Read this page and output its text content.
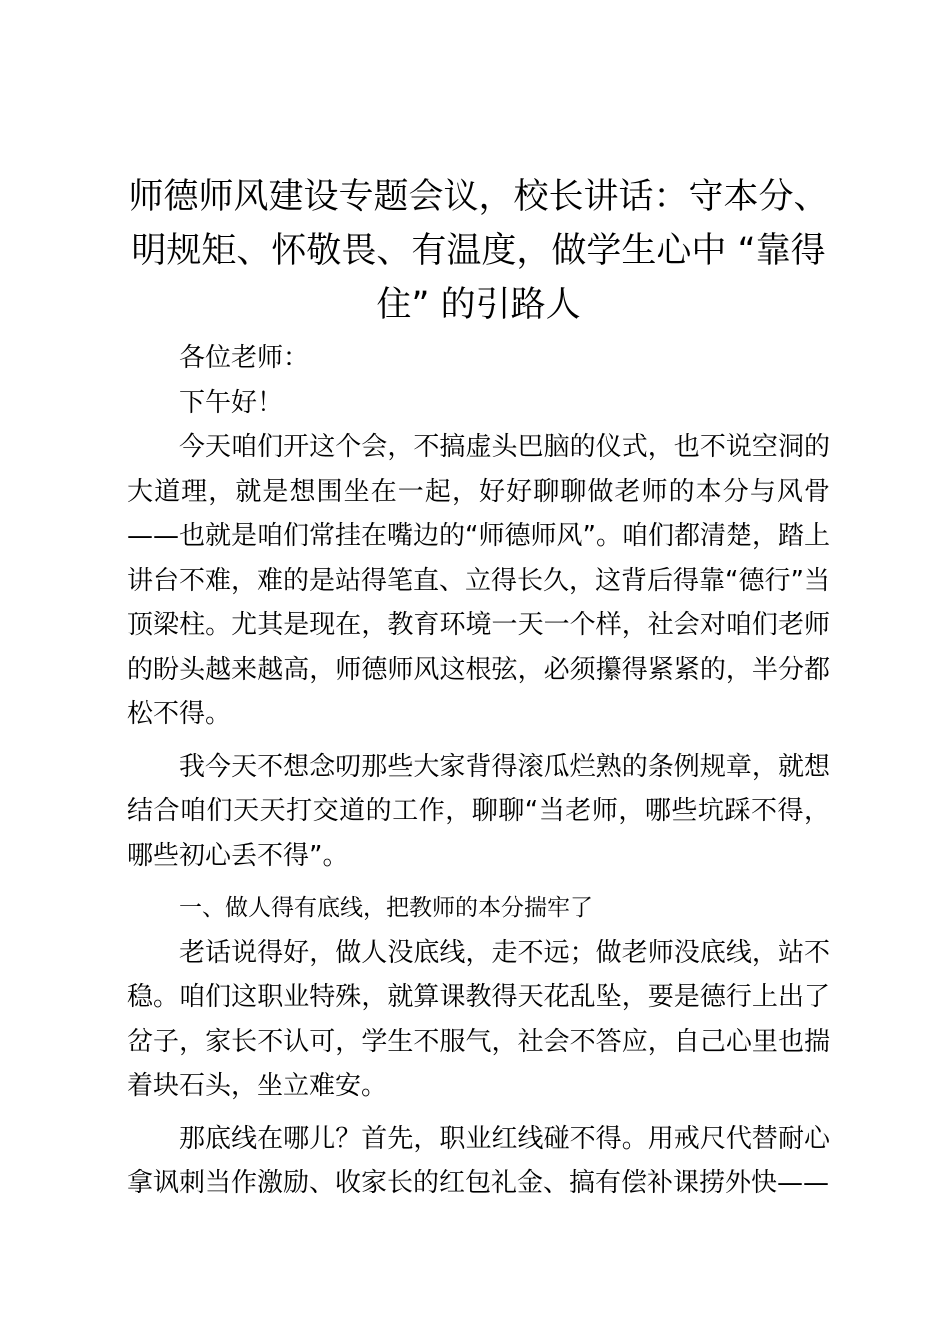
师德师风建设专题会议，校长讲话：守本分、明规矩、怀敬畏、有温度，做学生心中 “靠得住” 的引路人

各位老师：

下午好！

今天咱们开这个会，不搞虚头巴脑的仪式，也不说空洞的大道理，就是想围坐在一起，好好聊聊做老师的本分与风骨——也就是咱们常挂在嘴边的“师德师风”。咱们都清楚，踏上讲台不难，难的是站得笔直、立得长久，这背后得靠“德行”当顶梁柱。尤其是现在，教育环境一天一个样，社会对咱们老师的盼头越来越高，师德师风这根弦，必须攥得紧紧的，半分都松不得。

我今天不想念叨那些大家背得滚瓜烂熟的条例规章，就想结合咱们天天打交道的工作，聊聊“当老师，哪些坑踩不得，哪些初心丢不得”。

一、做人得有底线，把教师的本分揣牢了

老话说得好，做人没底线，走不远；做老师没底线，站不稳。咱们这职业特殊，就算课教得天花乱坠，要是德行上出了岔子，家长不认可，学生不服气，社会不答应，自己心里也揣着块石头，坐立难安。

那底线在哪儿？首先，职业红线碰不得。用戒尺代替耐心拿讽刺当作激励、收家长的红包礼金、搞有偿补课捞外快——
